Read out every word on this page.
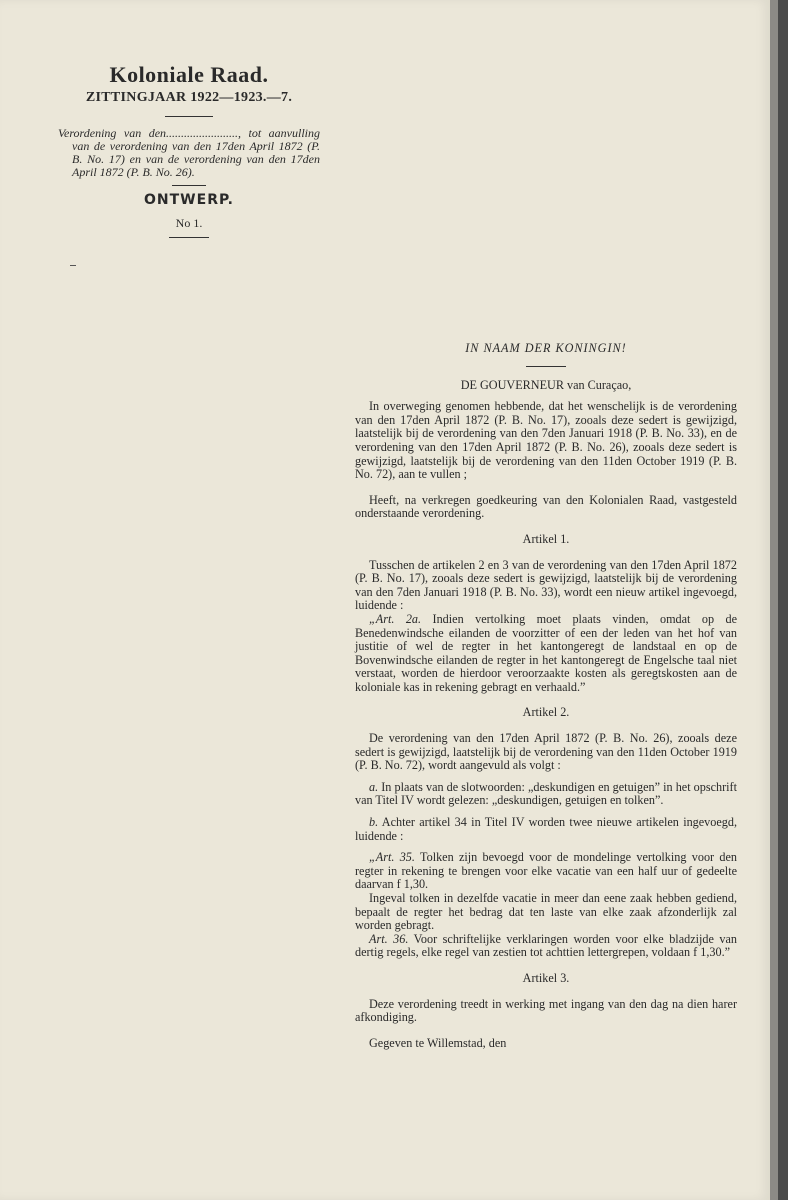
Koloniale Raad.

ZITTINGJAAR 1922—1923.—7.

Verordening van den........................, tot aanvulling van de verordening van den 17den April 1872 (P. B. No. 17) en van de verordening van den 17den April 1872 (P. B. No. 26).

ONTWERP.
No 1.

IN NAAM DER KONINGIN!

DE GOUVERNEUR van Curaçao,

In overweging genomen hebbende, dat het wenschelijk is de verordening van den 17den April 1872 (P. B. No. 17), zooals deze sedert is gewijzigd, laatstelijk bij de verordening van den 7den Januari 1918 (P. B. No. 33), en de verordening van den 17den April 1872 (P. B. No. 26), zooals deze sedert is gewijzigd, laatstelijk bij de verordening van den 11den October 1919 (P. B. No. 72), aan te vullen ;

Heeft, na verkregen goedkeuring van den Kolonialen Raad, vastgesteld onderstaande verordening.

Artikel 1.

Tusschen de artikelen 2 en 3 van de verordening van den 17den April 1872 (P. B. No. 17), zooals deze sedert is gewijzigd, laatstelijk bij de verordening van den 7den Januari 1918 (P. B. No. 33), wordt een nieuw artikel ingevoegd, luidende :

„Art. 2a. Indien vertolking moet plaats vinden, omdat op de Benedenwindsche eilanden de voorzitter of een der leden van het hof van justitie of wel de regter in het kantongeregt de landstaal en op de Bovenwindsche eilanden de regter in het kantongeregt de Engelsche taal niet verstaat, worden de hierdoor veroorzaakte kosten als geregtskosten aan de koloniale kas in rekening gebragt en verhaald.”

Artikel 2.

De verordening van den 17den April 1872 (P. B. No. 26), zooals deze sedert is gewijzigd, laatstelijk bij de verordening van den 11den October 1919 (P. B. No. 72), wordt aangevuld als volgt :

a. In plaats van de slotwoorden: „deskundigen en getuigen” in het opschrift van Titel IV wordt gelezen: „deskundigen, getuigen en tolken”.

b. Achter artikel 34 in Titel IV worden twee nieuwe artikelen ingevoegd, luidende :

„Art. 35. Tolken zijn bevoegd voor de mondelinge vertolking voor den regter in rekening te brengen voor elke vacatie van een half uur of gedeelte daarvan f 1,30.

Ingeval tolken in dezelfde vacatie in meer dan eene zaak hebben gediend, bepaalt de regter het bedrag dat ten laste van elke zaak afzonderlijk zal worden gebragt.

Art. 36. Voor schriftelijke verklaringen worden voor elke bladzijde van dertig regels, elke regel van zestien tot achttien lettergrepen, voldaan f 1,30.”

Artikel 3.

Deze verordening treedt in werking met ingang van den dag na dien harer afkondiging.

Gegeven te Willemstad, den
